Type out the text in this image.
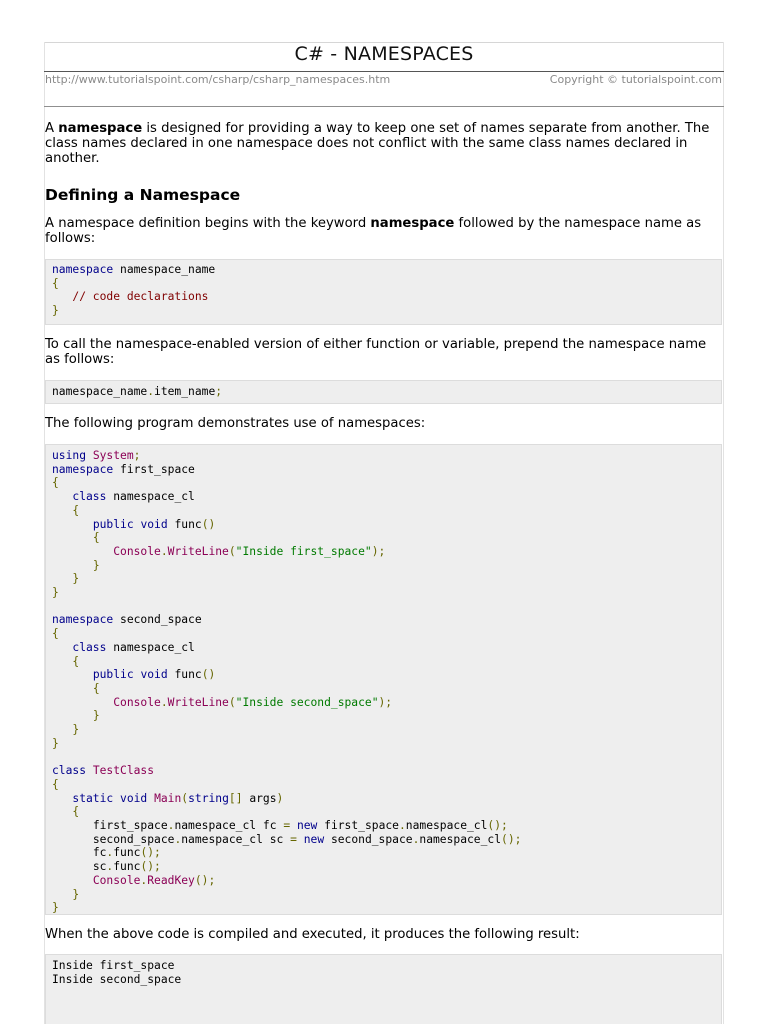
C# - NAMESPACES
http://www.tutorialspoint.com/csharp/csharp_namespaces.htm	Copyright © tutorialspoint.com

A namespace is designed for providing a way to keep one set of names separate from another. The class names declared in one namespace does not conflict with the same class names declared in another.

Defining a Namespace

A namespace definition begins with the keyword namespace followed by the namespace name as follows:

namespace namespace_name
{
// code declarations
}

To call the namespace-enabled version of either function or variable, prepend the namespace name as follows:

namespace_name.item_name;

The following program demonstrates use of namespaces:

using System;
namespace first_space
{
class namespace_cl
{
public void func()
{
Console.WriteLine("Inside first_space");
}
}
}

namespace second_space
{
class namespace_cl
{
public void func()
{
Console.WriteLine("Inside second_space");
}
}
}

class TestClass
{
static void Main(string[] args)
{
first_space.namespace_cl fc = new first_space.namespace_cl();
second_space.namespace_cl sc = new second_space.namespace_cl();
fc.func();
sc.func();
Console.ReadKey();
}
}

When the above code is compiled and executed, it produces the following result:

Inside first_space
Inside second_space
